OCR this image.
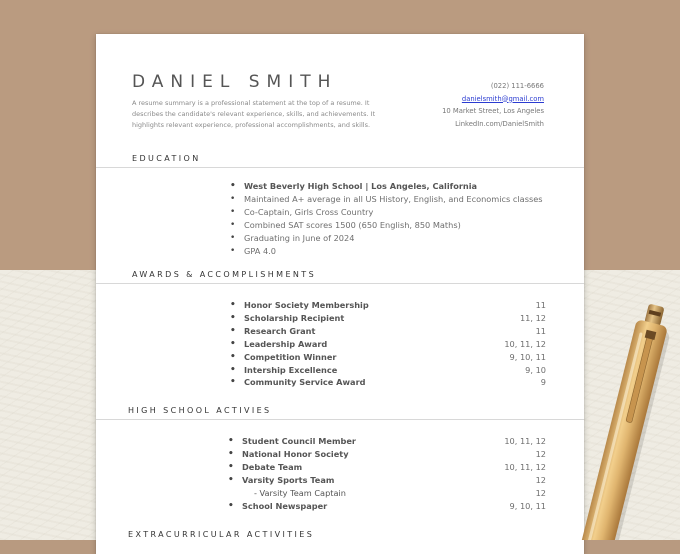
DANIEL SMITH

A resume summary is a professional statement at the top of a resume. It describes the candidate's relevant experience, skills, and achievements. It highlights relevant experience, professional accomplishments, and skills.

(022) 111-6666
danielsmith@gmail.com
10 Market Street, Los Angeles
LinkedIn.com/DanielSmith
EDUCATION
• West Beverly High School | Los Angeles, California
• Maintained A+ average in all US History, English, and Economics classes
• Co-Captain, Girls Cross Country
• Combined SAT scores 1500 (650 English, 850 Maths)
• Graduating in June of 2024
• GPA 4.0
AWARDS & ACCOMPLISHMENTS
• Honor Society Membership	11
• Scholarship Recipient	11, 12
• Research Grant	11
• Leadership Award	10, 11, 12
• Competition Winner	9, 10, 11
• Intership Excellence	9, 10
• Community Service Award	9
HIGH SCHOOL ACTIVIES
• Student Council Member	10, 11, 12
• National Honor Society	12
• Debate Team	10, 11, 12
• Varsity Sports Team	12
- Varsity Team Captain	12
• School Newspaper	9, 10, 11
EXTRACURRICULAR ACTIVITIES
